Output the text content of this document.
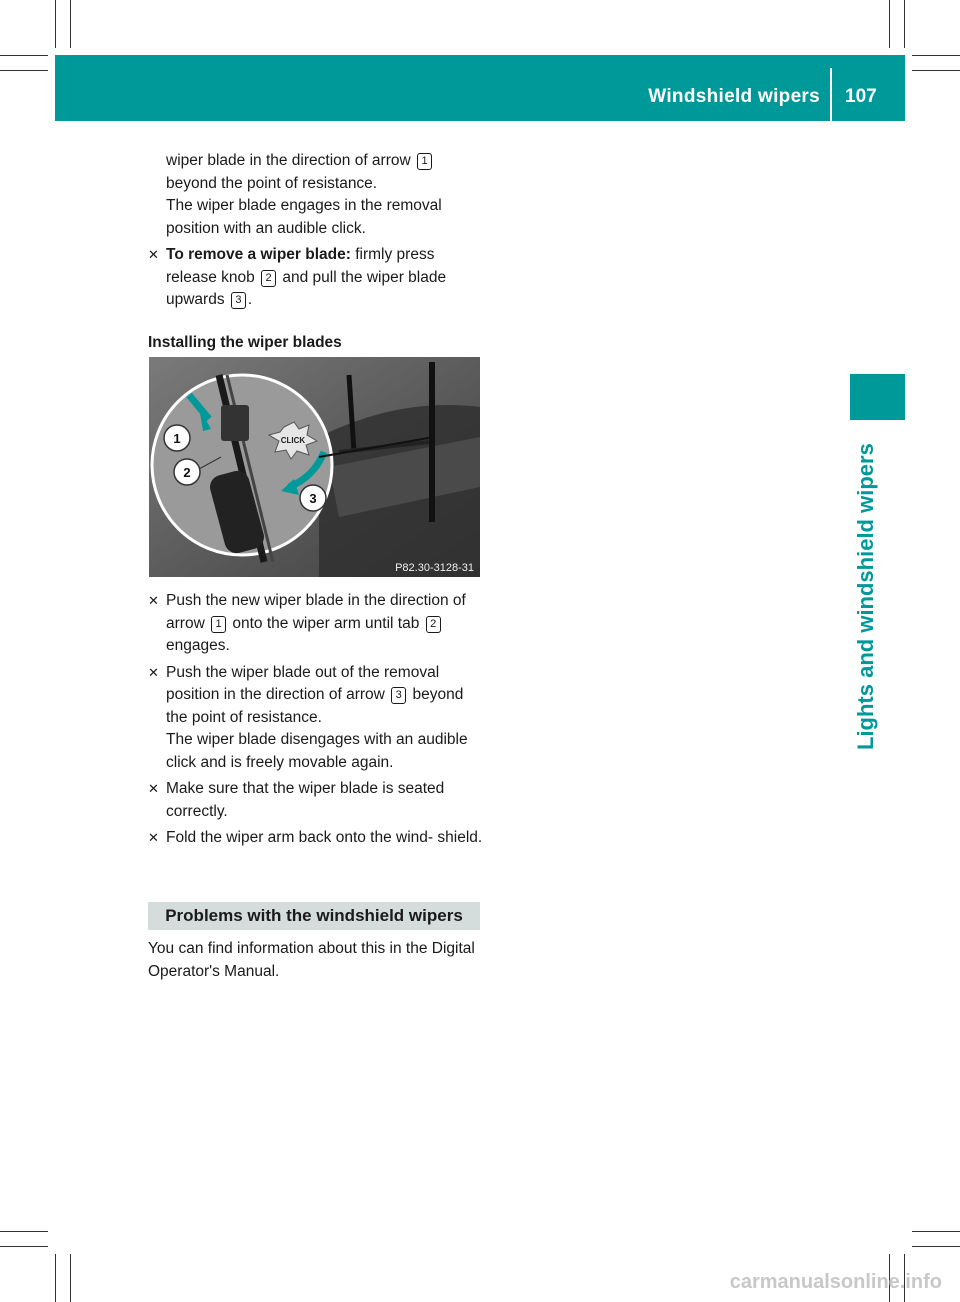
Windshield wipers 107
Lights and windshield wipers

wiper blade in the direction of arrow 1 beyond the point of resistance.

The wiper blade engages in the removal position with an audible click.

✕ To remove a wiper blade: firmly press release knob 2 and pull the wiper blade upwards 3 .

Installing the wiper blades

CLICK
1
2
3
P82.30-3128-31
✕ Push the new wiper blade in the direction of arrow 1 onto the wiper arm until tab 2 engages.
✕ Push the wiper blade out of the removal position in the direction of arrow 3 beyond the point of resistance.
The wiper blade disengages with an audible click and is freely movable again.
✕ Make sure that the wiper blade is seated correctly.
✕ Fold the wiper arm back onto the wind- shield.
Problems with the windshield wipers
You can find information about this in the Digital Operator's Manual.
carmanualsonline.info
